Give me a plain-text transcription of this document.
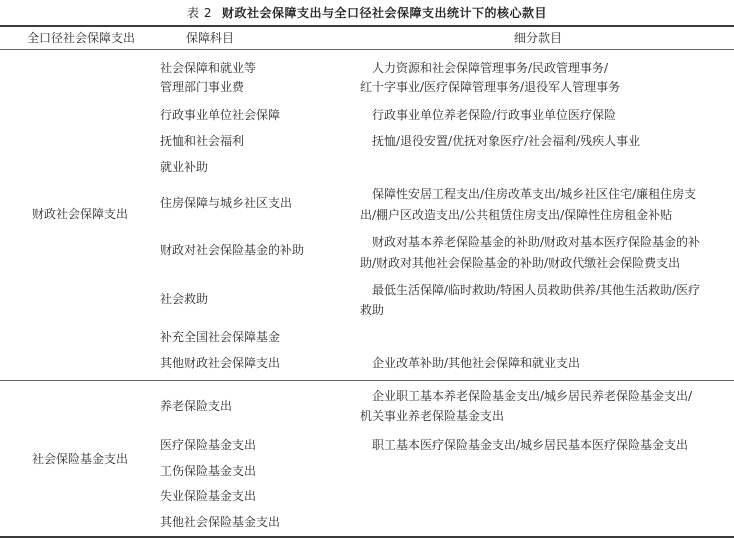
表 2 财政社会保障支出与全口径社会保障支出统计下的核心款目
全口径社会保障支出	保障科目	细分款目
财政社会保障支出
社会保障和就业等
管理部门事业费
行政事业单位社会保障
抚恤和社会福利
就业补助
住房保障与城乡社区支出
财政对社会保险基金的补助
社会救助
补充全国社会保障基金
其他财政社会保障支出
人力资源和社会保障管理事务/民政管理事务/
红十字事业/医疗保障管理事务/退役军人管理事务
行政事业单位养老保险/行政事业单位医疗保险
抚恤/退役安置/优抚对象医疗/社会福利/残疾人事业
保障性安居工程支出/住房改革支出/城乡社区住宅/廉租住房支
出/棚户区改造支出/公共租赁住房支出/保障性住房租金补贴
财政对基本养老保险基金的补助/财政对基本医疗保险基金的补
助/财政对其他社会保险基金的补助/财政代缴社会保险费支出
最低生活保障/临时救助/特困人员救助供养/其他生活救助/医疗
救助
企业改革补助/其他社会保障和就业支出
社会保险基金支出
养老保险支出
医疗保险基金支出
工伤保险基金支出
失业保险基金支出
其他社会保险基金支出
企业职工基本养老保险基金支出/城乡居民养老保险基金支出/
机关事业养老保险基金支出
职工基本医疗保险基金支出/城乡居民基本医疗保险基金支出
